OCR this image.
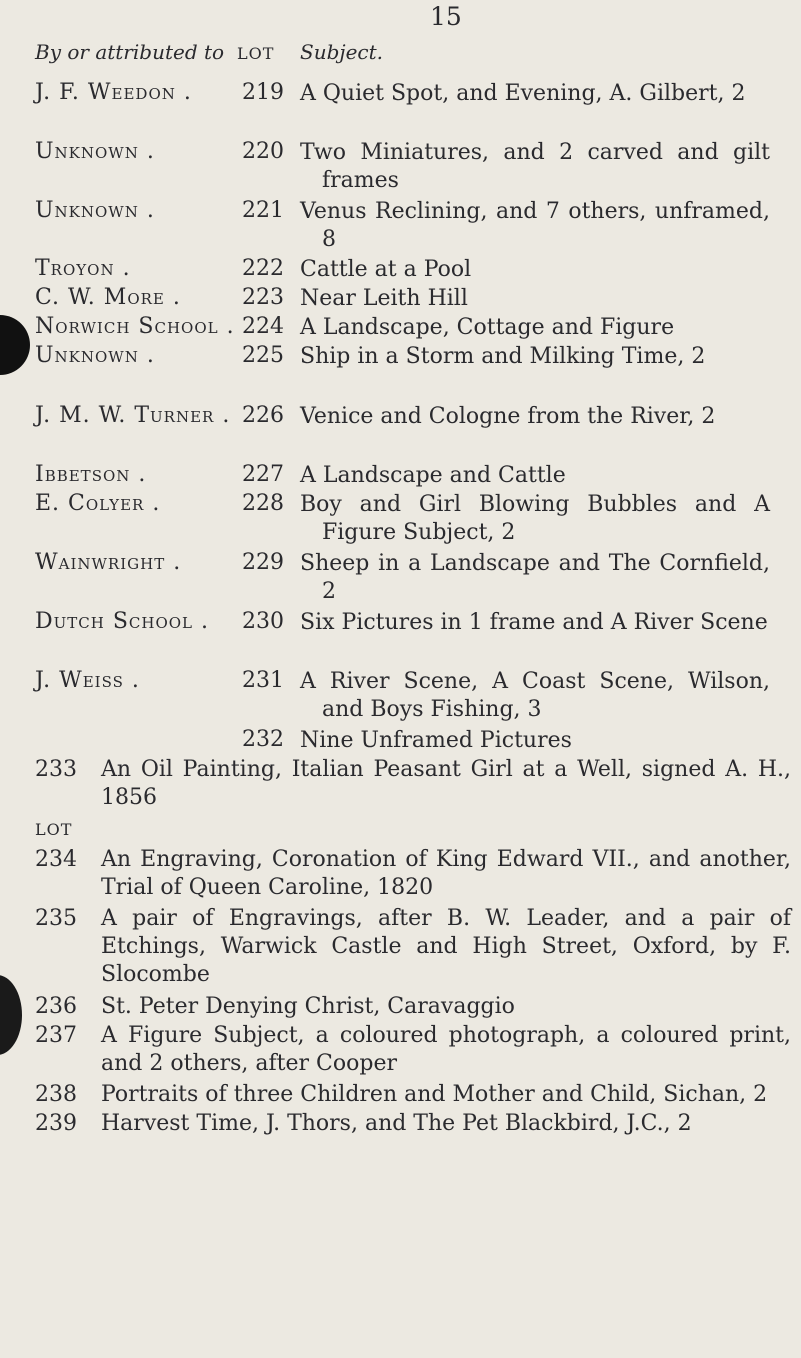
15
By or attributed to LOT Subject.
J. F. Weedon . 219 A Quiet Spot, and Evening, A. Gilbert, 2
Unknown .	220 Two Miniatures, and 2 carved and gilt frames
Unknown .	221 Venus Reclining, and 7 others, unframed, 8
Troyon .	222 Cattle at a Pool
C. W. More .	223 Near Leith Hill
Norwich School . 224 A Landscape, Cottage and Figure
Unknown .	225 Ship in a Storm and Milking Time, 2
J. M. W. Turner . 226 Venice and Cologne from the River, 2
Ibbetson .	227 A Landscape and Cattle
E. Colyer .	228 Boy and Girl Blowing Bubbles and A Figure Subject, 2
Wainwright .	229 Sheep in a Landscape and The Cornfield, 2
Dutch School . 230 Six Pictures in 1 frame and A River Scene
J. Weiss .	231 A River Scene, A Coast Scene, Wilson, and Boys Fishing, 3
232 Nine Unframed Pictures
233	An Oil Painting, Italian Peasant Girl at a Well, signed A. H., 1856
LOT
234	An Engraving, Coronation of King Edward VII., and another, Trial of Queen Caroline, 1820
235	A pair of Engravings, after B. W. Leader, and a pair of Etchings, Warwick Castle and High Street, Oxford, by F. Slocombe
236	St. Peter Denying Christ, Caravaggio
237	A Figure Subject, a coloured photograph, a coloured print, and 2 others, after Cooper
238	Portraits of three Children and Mother and Child, Sichan, 2
239	Harvest Time, J. Thors, and The Pet Blackbird, J.C., 2
